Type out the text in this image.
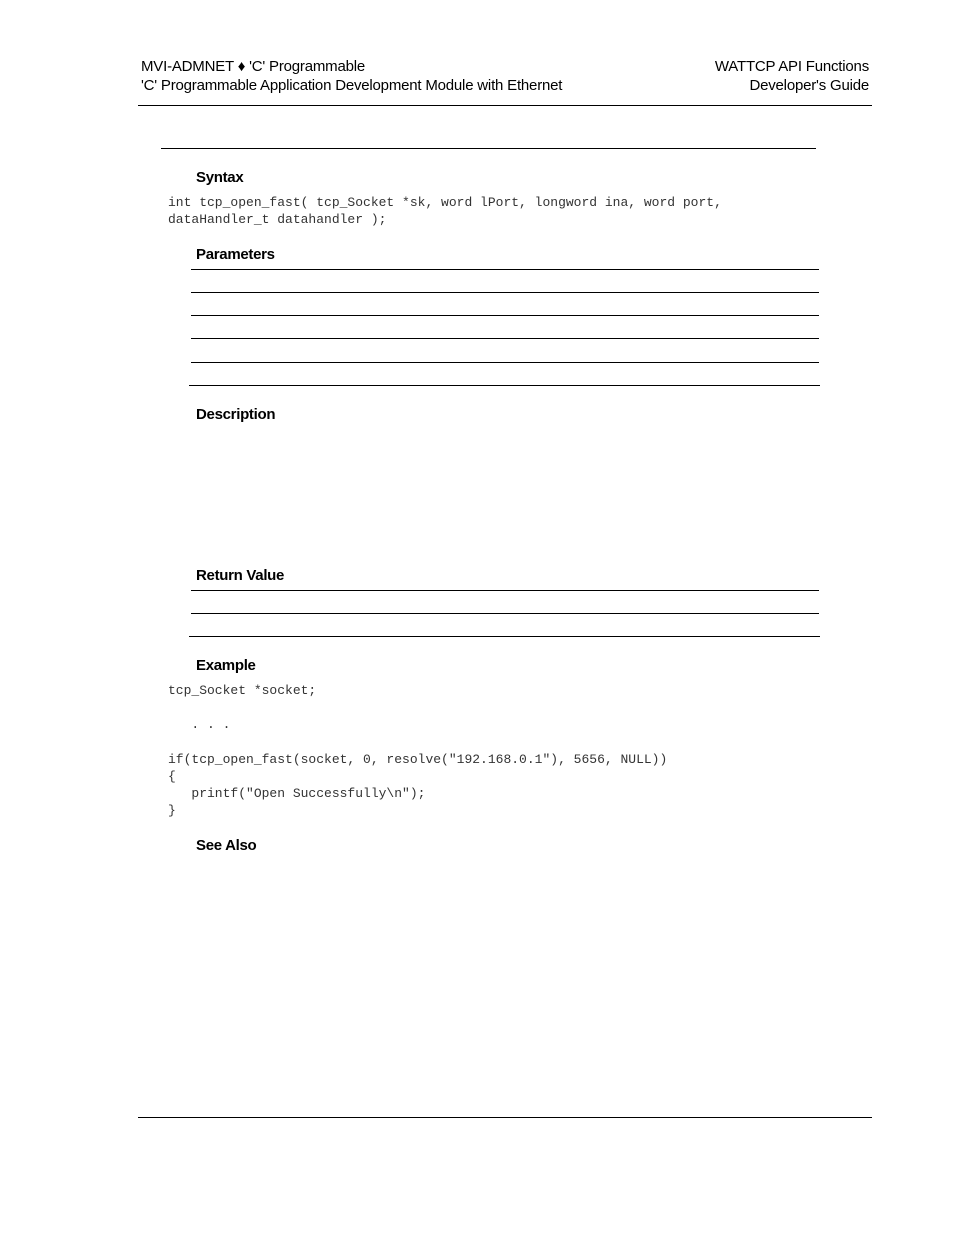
MVI-ADMNET ♦ 'C' Programmable
'C' Programmable Application Development Module with Ethernet
WATTCP API Functions
Developer's Guide
Syntax
int tcp_open_fast( tcp_Socket *sk, word lPort, longword ina, word port,
dataHandler_t datahandler );
Parameters
Description
Return Value
Example
tcp_Socket *socket;
. . .
if(tcp_open_fast(socket, 0, resolve("192.168.0.1"), 5656, NULL))
{
printf("Open Successfully\n");
}
See Also
